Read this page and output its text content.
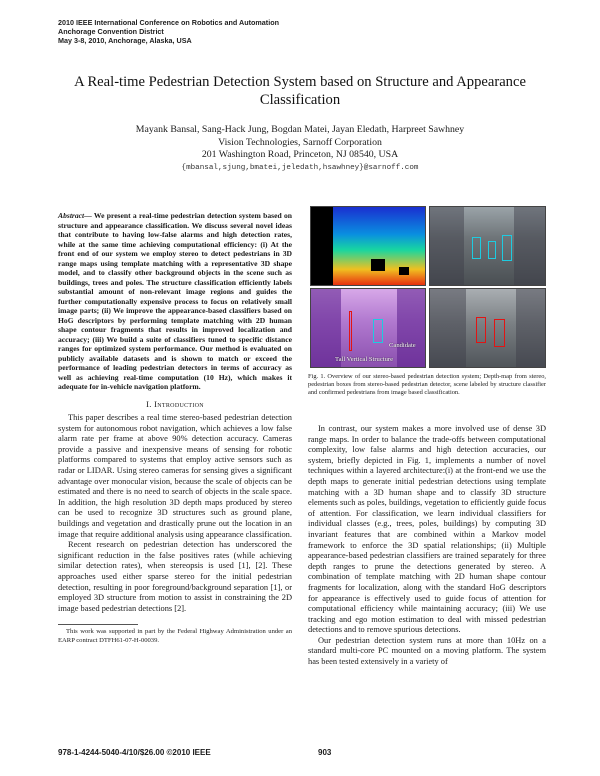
2010 IEEE International Conference on Robotics and Automation
Anchorage Convention District
May 3-8, 2010, Anchorage, Alaska, USA
A Real-time Pedestrian Detection System based on Structure and Appearance Classification
Mayank Bansal, Sang-Hack Jung, Bogdan Matei, Jayan Eledath, Harpreet Sawhney
Vision Technologies, Sarnoff Corporation
201 Washington Road, Princeton, NJ 08540, USA
{mbansal,sjung,bmatei,jeledath,hsawhney}@sarnoff.com

Abstract— We present a real-time pedestrian detection system based on structure and appearance classification. We discuss several novel ideas that contribute to having low-false alarms and high detection rates, while at the same time achieving computational efficiency: (i) At the front end of our system we employ stereo to detect pedestrians in 3D range maps using template matching with a representative 3D shape model, and to classify other background objects in the scene such as buildings, trees and poles. The structure classification efficiently labels substantial amount of non-relevant image regions and guides the further computationally expensive process to focus on relatively small image parts; (ii) We improve the appearance-based classifiers based on HoG descriptors by performing template matching with 2D human shape contour fragments that results in improved localization and accuracy; (iii) We build a suite of classifiers tuned to specific distance ranges for optimized system performance. Our method is evaluated on publicly available datasets and is shown to match or exceed the performance of leading pedestrian detectors in terms of accuracy as well as achieving real-time computation (10 Hz), which makes it adequate for in-vehicle navigation platform.

I. Introduction

This paper describes a real time stereo-based pedestrian detection system for autonomous robot navigation, which achieves a low false alarm rate per frame at above 90% detection accuracy. Cameras provide a passive and inexpensive means of sensing for robotic platforms compared to systems that employ active sensors such as radar or LIDAR. Using stereo cameras for sensing gives a significant advantage over monocular vision, because the scale of objects can be estimated and there is no need to search of objects in the scale space. In addition, the high resolution 3D depth maps produced by stereo can be used to recognize 3D structures such as ground plane, buildings and vegetation and drastically prune out the location in an image that require additional analysis using appearance classification.

Recent research on pedestrian detection has underscored the significant reduction in the false positives rates (while achieving similar detection rates), when stereopsis is used [1], [2]. These approaches used either sparse stereo for the initial pedestrian detection, resulting in poor foreground/background separation [1], or employed 3D structure from motion to assist in constraining the 2D image based pedestrian detections [2].

This work was supported in part by the Federal Highway Administration under an EARP contract DTFH61-07-H-00039.

Tall Vertical Structure
Candidate

Fig. 1. Overview of our stereo-based pedestrian detection system; Depth-map from stereo, pedestrian boxes from stereo-based pedestrian detector, scene labeled by structure classifier and confirmed pedestrians from image based classification.

In contrast, our system makes a more involved use of dense 3D range maps. In order to balance the trade-offs between computational complexity, low false alarms and high detection accuracies, our system, briefly depicted in Fig. 1, implements a number of novel techniques within a layered architecture:(i) at the front-end we use the depth maps to generate initial pedestrian detections using template matching with a 3D human shape and to classify 3D structure elements such as poles, buildings, vegetation to efficiently guide focus of attention. For classification, we learn individual classifiers for individual classes (e.g., trees, poles, buildings) by computing 3D invariant features that are combined within a Markov model framework to enforce the 3D spatial relationships; (ii) Multiple appearance-based pedestrian classifiers are trained separately for three depth ranges to prune the detections generated by stereo. A combination of template matching with 2D human shape contour fragments for localization, along with the standard HoG descriptors for appearance is effectively used to guide focus of attention for computational efficiency while maintaining accuracy; (iii) We use tracking and ego motion estimation to deal with missed pedestrian detections and to remove spurious detections.

Our pedestrian detection system runs at more than 10Hz on a standard multi-core PC mounted on a moving platform. The system has been tested extensively in a variety of

978-1-4244-5040-4/10/$26.00 ©2010 IEEE	903
